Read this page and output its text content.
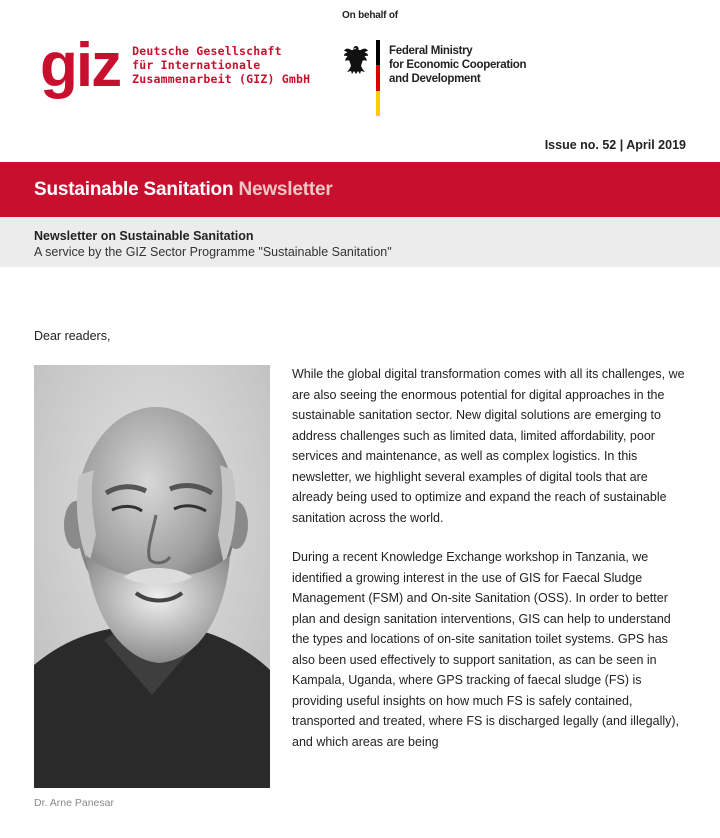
giz Deutsche Gesellschaft
für Internationale
Zusammenarbeit (GIZ) GmbH
On behalf of
Federal Ministry
for Economic Cooperation
and Development
Issue no. 52 | April 2019
Sustainable Sanitation Newsletter
Newsletter on Sustainable Sanitation
A service by the GIZ Sector Programme "Sustainable Sanitation"
Dear readers,
Dr. Arne Panesar

While the global digital transformation comes with all its challenges, we are also seeing the enormous potential for digital approaches in the sustainable sanitation sector. New digital solutions are emerging to address challenges such as limited data, limited affordability, poor services and maintenance, as well as complex logistics. In this newsletter, we highlight several examples of digital tools that are already being used to optimize and expand the reach of sustainable sanitation across the world.

During a recent Knowledge Exchange workshop in Tanzania, we identified a growing interest in the use of GIS for Faecal Sludge Management (FSM) and On-site Sanitation (OSS). In order to better plan and design sanitation interventions, GIS can help to understand the types and locations of on-site sanitation toilet systems. GPS has also been used effectively to support sanitation, as can be seen in Kampala, Uganda, where GPS tracking of faecal sludge (FS) is providing useful insights on how much FS is safely contained, transported and treated, where FS is discharged legally (and illegally), and which areas are being
